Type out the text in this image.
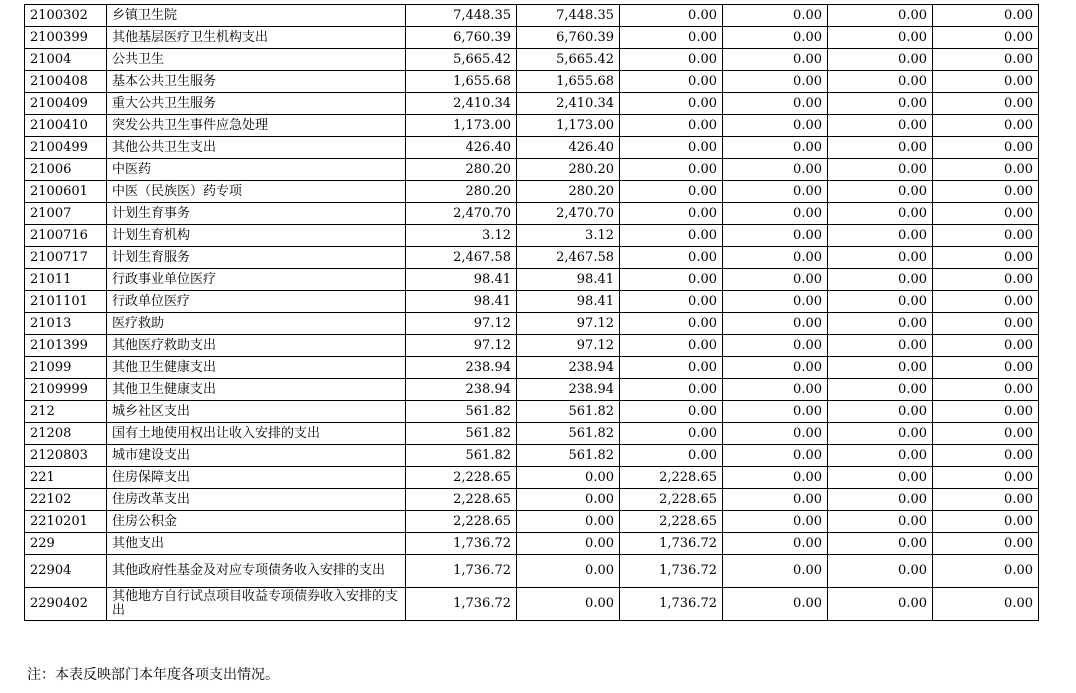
2100302	乡镇卫生院	7,448.35	7,448.35	0.00	0.00	0.00	0.00
2100399	其他基层医疗卫生机构支出	6,760.39	6,760.39	0.00	0.00	0.00	0.00
21004	公共卫生	5,665.42	5,665.42	0.00	0.00	0.00	0.00
2100408	基本公共卫生服务	1,655.68	1,655.68	0.00	0.00	0.00	0.00
2100409	重大公共卫生服务	2,410.34	2,410.34	0.00	0.00	0.00	0.00
2100410	突发公共卫生事件应急处理	1,173.00	1,173.00	0.00	0.00	0.00	0.00
2100499	其他公共卫生支出	426.40	426.40	0.00	0.00	0.00	0.00
21006	中医药	280.20	280.20	0.00	0.00	0.00	0.00
2100601	中医（民族医）药专项	280.20	280.20	0.00	0.00	0.00	0.00
21007	计划生育事务	2,470.70	2,470.70	0.00	0.00	0.00	0.00
2100716	计划生育机构	3.12	3.12	0.00	0.00	0.00	0.00
2100717	计划生育服务	2,467.58	2,467.58	0.00	0.00	0.00	0.00
21011	行政事业单位医疗	98.41	98.41	0.00	0.00	0.00	0.00
2101101	行政单位医疗	98.41	98.41	0.00	0.00	0.00	0.00
21013	医疗救助	97.12	97.12	0.00	0.00	0.00	0.00
2101399	其他医疗救助支出	97.12	97.12	0.00	0.00	0.00	0.00
21099	其他卫生健康支出	238.94	238.94	0.00	0.00	0.00	0.00
2109999	其他卫生健康支出	238.94	238.94	0.00	0.00	0.00	0.00
212	城乡社区支出	561.82	561.82	0.00	0.00	0.00	0.00
21208	国有土地使用权出让收入安排的支出	561.82	561.82	0.00	0.00	0.00	0.00
2120803	城市建设支出	561.82	561.82	0.00	0.00	0.00	0.00
221	住房保障支出	2,228.65	0.00	2,228.65	0.00	0.00	0.00
22102	住房改革支出	2,228.65	0.00	2,228.65	0.00	0.00	0.00
2210201	住房公积金	2,228.65	0.00	2,228.65	0.00	0.00	0.00
229	其他支出	1,736.72	0.00	1,736.72	0.00	0.00	0.00
22904	其他政府性基金及对应专项债务收入安排的支出	1,736.72	0.00	1,736.72	0.00	0.00	0.00
2290402	其他地方自行试点项目收益专项债券收入安排的支出	1,736.72	0.00	1,736.72	0.00	0.00	0.00
注：本表反映部门本年度各项支出情况。
